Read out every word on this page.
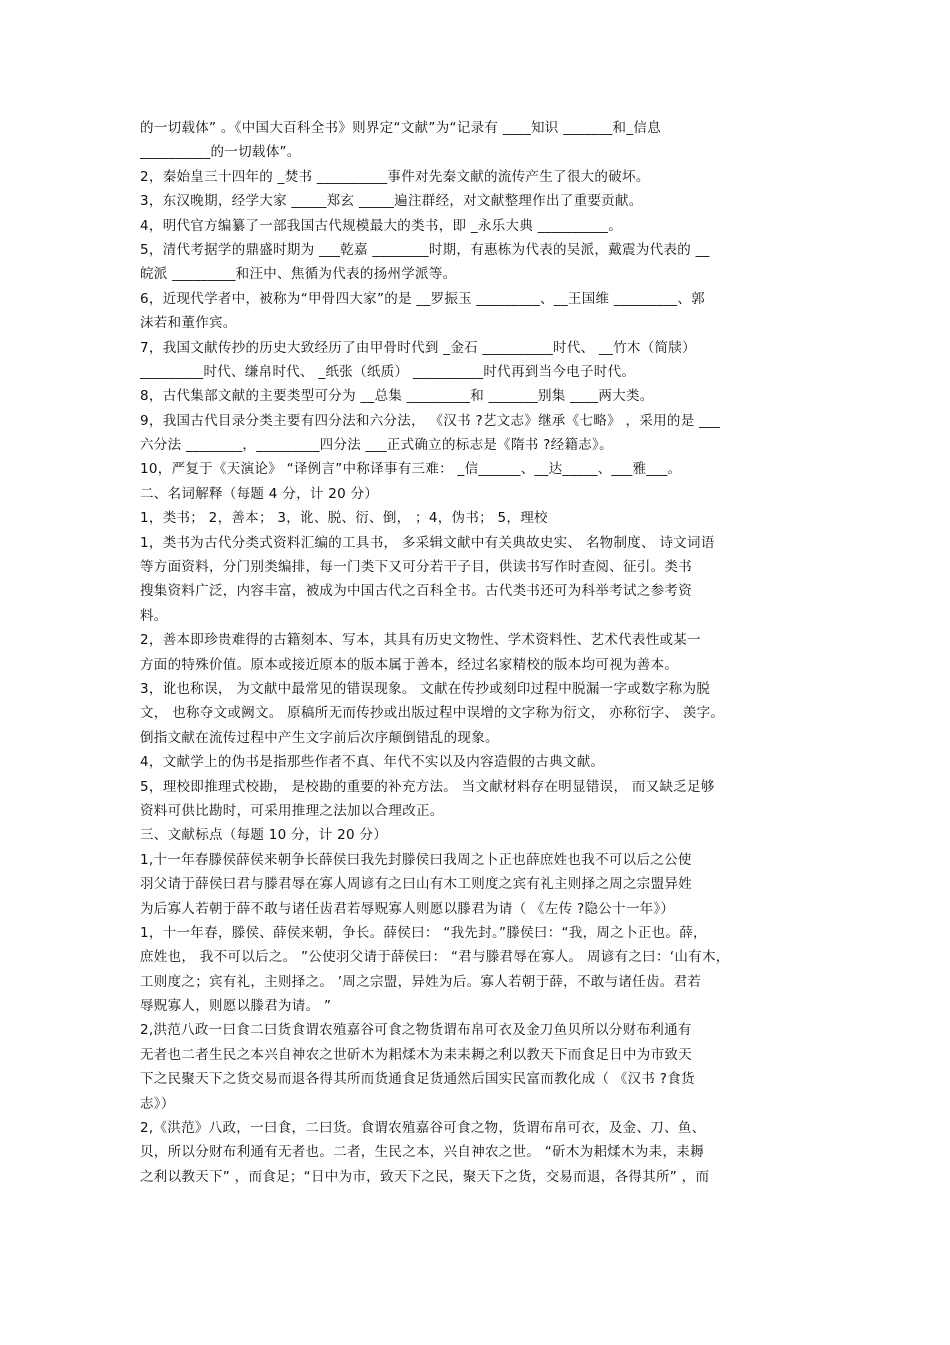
的一切载体” 。《中国大百科全书》则界定“文献”为“记录有 ____知识 _______和_信息
__________的一切载体”。
2，秦始皇三十四年的 _焚书 __________事件对先秦文献的流传产生了很大的破坏。
3，东汉晚期，经学大家 _____郑玄 _____遍注群经，对文献整理作出了重要贡献。
4，明代官方编纂了一部我国古代规模最大的类书，即 _永乐大典 __________。
5，清代考据学的鼎盛时期为 ___乾嘉 ________时期，有惠栋为代表的吴派，戴震为代表的 __
皖派 _________和汪中、焦循为代表的扬州学派等。
6，近现代学者中，被称为“甲骨四大家”的是 __罗振玉 _________、__王国维 _________、郭
沫若和董作宾。
7，我国文献传抄的历史大致经历了由甲骨时代到 _金石 __________时代、 __竹木（简牍）
_________时代、缣帛时代、 _纸张（纸质） __________时代再到当今电子时代。
8，古代集部文献的主要类型可分为 __总集 _________和 _______别集 ____两大类。
9，我国古代目录分类主要有四分法和六分法， 《汉书 ?艺文志》继承《七略》 ，采用的是 ___
六分法 ________，_________四分法 ___正式确立的标志是《隋书 ?经籍志》。
10，严复于《天演论》 “译例言”中称译事有三难： _信______、__达_____、___雅___。
二、名词解释（每题 4 分，计 20 分）
1，类书； 2，善本； 3，讹、脱、衍、倒， ；4，伪书； 5，理校
1，类书为古代分类式资料汇编的工具书， 多采辑文献中有关典故史实、 名物制度、 诗文词语
等方面资料，分门别类编排，每一门类下又可分若干子目，供读书写作时查阅、征引。类书
搜集资料广泛，内容丰富，被成为中国古代之百科全书。古代类书还可为科举考试之参考资
料。
2，善本即珍贵难得的古籍刻本、写本，其具有历史文物性、学术资料性、艺术代表性或某一
方面的特殊价值。原本或接近原本的版本属于善本，经过名家精校的版本均可视为善本。
3，讹也称误， 为文献中最常见的错误现象。 文献在传抄或刻印过程中脱漏一字或数字称为脱
文， 也称夺文或阙文。 原稿所无而传抄或出版过程中误增的文字称为衍文， 亦称衍字、 羡字。
倒指文献在流传过程中产生文字前后次序颠倒错乱的现象。
4，文献学上的伪书是指那些作者不真、年代不实以及内容造假的古典文献。
5，理校即推理式校勘， 是校勘的重要的补充方法。 当文献材料存在明显错误， 而又缺乏足够
资料可供比勘时，可采用推理之法加以合理改正。
三、文献标点（每题 10 分，计 20 分）
1,十一年春滕侯薛侯来朝争长薛侯曰我先封滕侯曰我周之卜正也薛庶姓也我不可以后之公使
羽父请于薛侯曰君与滕君辱在寡人周谚有之曰山有木工则度之宾有礼主则择之周之宗盟异姓
为后寡人若朝于薛不敢与诸任齿君若辱贶寡人则愿以滕君为请（ 《左传 ?隐公十一年》）
1，十一年春，滕侯、薛侯来朝，争长。薛侯曰： “我先封。”滕侯曰：“我，周之卜正也。薛，
庶姓也， 我不可以后之。 ”公使羽父请于薛侯曰： “君与滕君辱在寡人。 周谚有之曰：‘山有木，
工则度之；宾有礼，主则择之。 ’周之宗盟，异姓为后。寡人若朝于薛，不敢与诸任齿。君若
辱贶寡人，则愿以滕君为请。 ”
2,洪范八政一曰食二曰货食谓农殖嘉谷可食之物货谓布帛可衣及金刀鱼贝所以分财布利通有
无者也二者生民之本兴自神农之世斫木为耜煣木为耒耒耨之利以教天下而食足日中为市致天
下之民聚天下之货交易而退各得其所而货通食足货通然后国实民富而教化成（ 《汉书 ?食货
志》）
2,《洪范》八政，一曰食，二曰货。食谓农殖嘉谷可食之物，货谓布帛可衣，及金、刀、鱼、
贝，所以分财布利通有无者也。二者，生民之本，兴自神农之世。 “斫木为耜煣木为耒，耒耨
之利以教天下” ，而食足；“日中为市，致天下之民，聚天下之货，交易而退，各得其所” ，而
